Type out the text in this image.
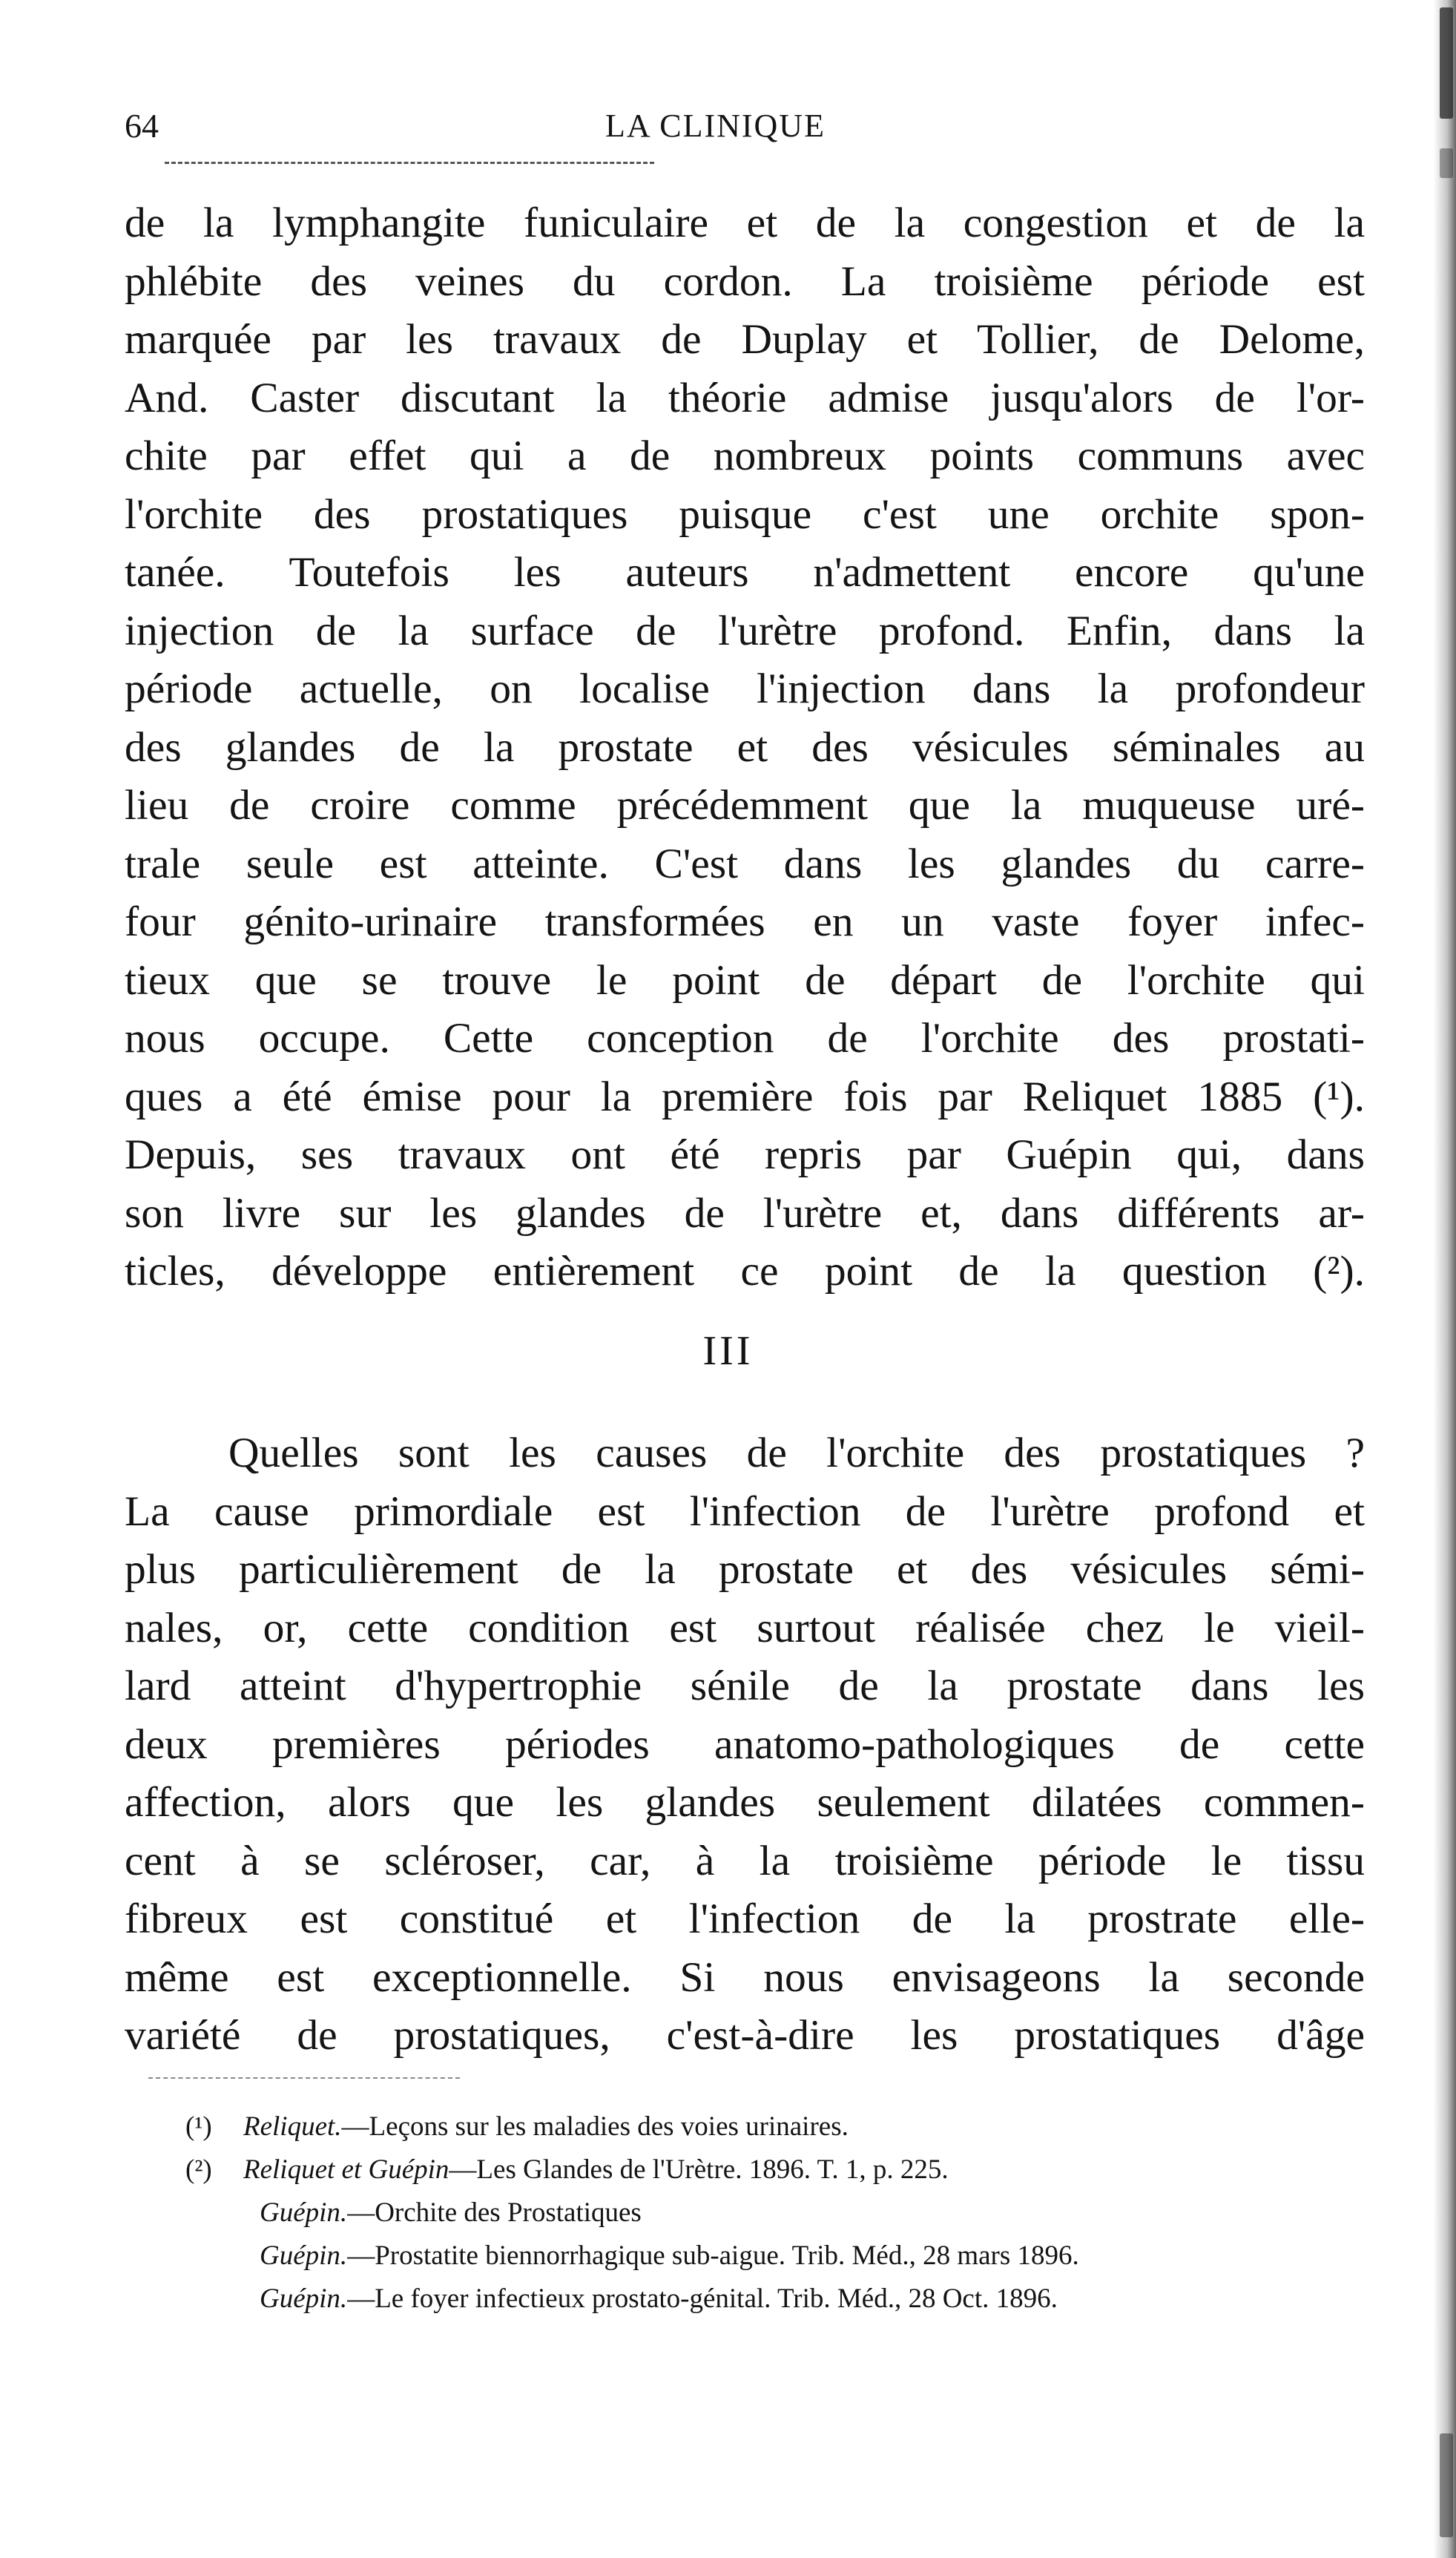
64	LA CLINIQUE
de la lymphangite funiculaire et de la congestion et de la
phlébite des veines du cordon. La troisième période est
marquée par les travaux de Duplay et Tollier, de Delome,
And. Caster discutant la théorie admise jusqu'alors de l'or-
chite par effet qui a de nombreux points communs avec
l'orchite des prostatiques puisque c'est une orchite spon-
tanée. Toutefois les auteurs n'admettent encore qu'une
injection de la surface de l'urètre profond. Enfin, dans la
période actuelle, on localise l'injection dans la profondeur
des glandes de la prostate et des vésicules séminales au
lieu de croire comme précédemment que la muqueuse uré-
trale seule est atteinte. C'est dans les glandes du carre-
four génito-urinaire transformées en un vaste foyer infec-
tieux que se trouve le point de départ de l'orchite qui
nous occupe. Cette conception de l'orchite des prostati-
ques a été émise pour la première fois par Reliquet 1885 (¹).
Depuis, ses travaux ont été repris par Guépin qui, dans
son livre sur les glandes de l'urètre et, dans différents ar-
ticles, développe entièrement ce point de la question (²).
III
Quelles sont les causes de l'orchite des prostatiques ?
La cause primordiale est l'infection de l'urètre profond et
plus particulièrement de la prostate et des vésicules sémi-
nales, or, cette condition est surtout réalisée chez le vieil-
lard atteint d'hypertrophie sénile de la prostate dans les
deux premières périodes anatomo-pathologiques de cette
affection, alors que les glandes seulement dilatées commen-
cent à se scléroser, car, à la troisième période le tissu
fibreux est constitué et l'infection de la prostrate elle-
même est exceptionnelle. Si nous envisageons la seconde
variété de prostatiques, c'est-à-dire les prostatiques d'âge
(¹) Reliquet.—Leçons sur les maladies des voies urinaires.
(²) Reliquet et Guépin—Les Glandes de l'Urètre. 1896. T. 1, p. 225.
Guépin.—Orchite des Prostatiques
Guépin.—Prostatite biennorrhagique sub-aigue. Trib. Méd., 28 mars 1896.
Guépin.—Le foyer infectieux prostato-génital. Trib. Méd., 28 Oct. 1896.
